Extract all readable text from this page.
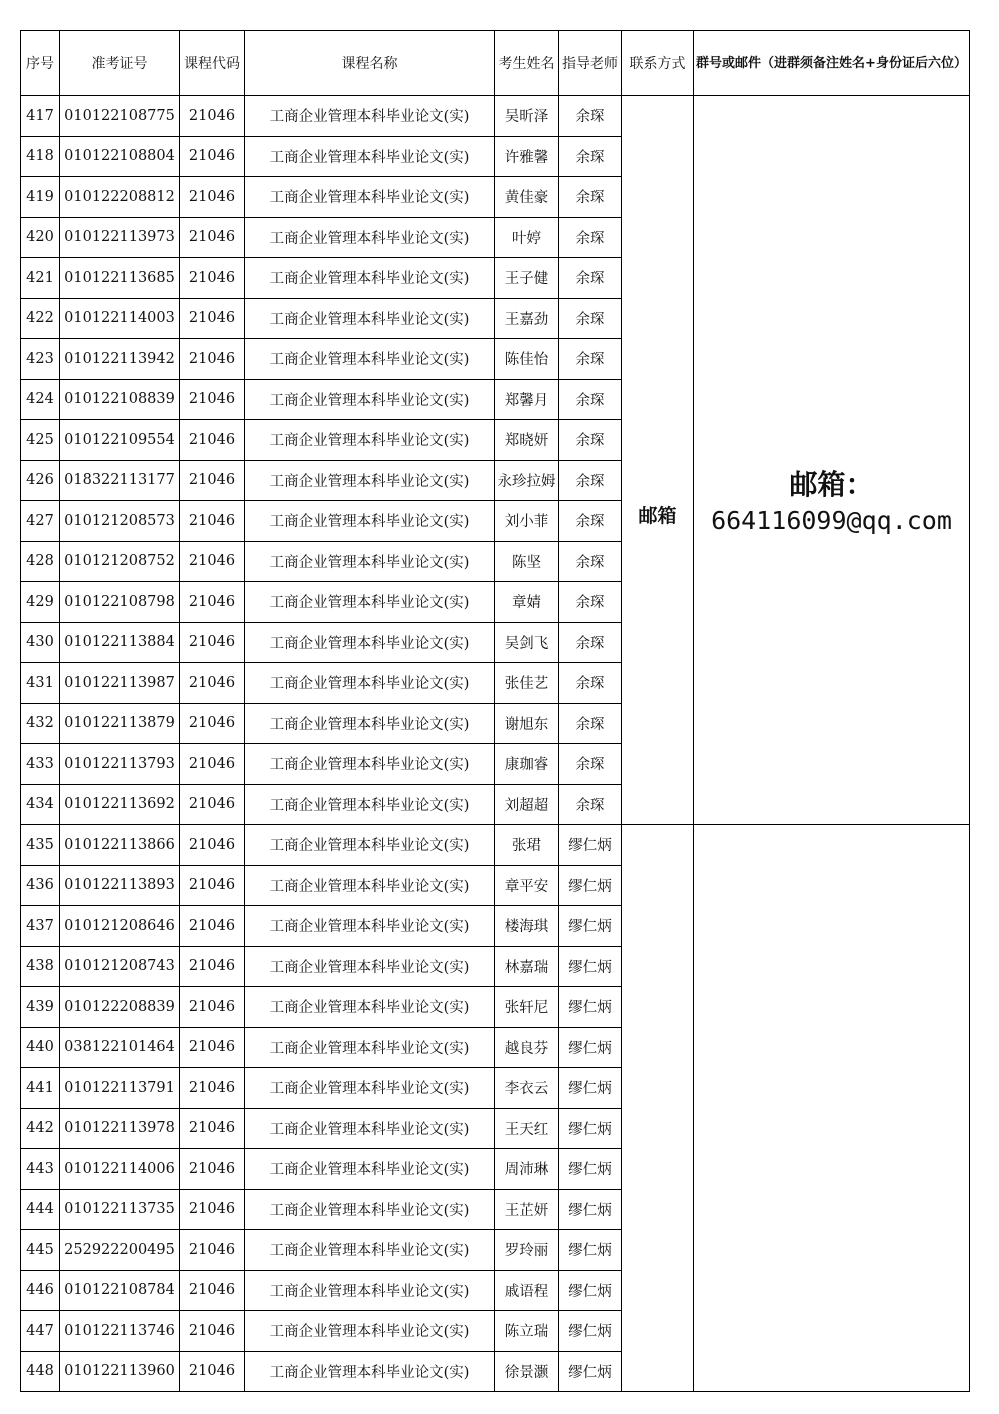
序号	准考证号	课程代码	课程名称	考生姓名	指导老师	联系方式	群号或邮件（进群须备注姓名+身份证后六位）
417	010122108775	21046	工商企业管理本科毕业论文(实)	吴昕泽	余琛	邮箱	邮箱：
664116099@qq.com

418	010122108804	21046	工商企业管理本科毕业论文(实)	许雅馨	余琛		
419	010122208812	21046	工商企业管理本科毕业论文(实)	黄佳豪	余琛		
420	010122113973	21046	工商企业管理本科毕业论文(实)	叶婷	余琛		
421	010122113685	21046	工商企业管理本科毕业论文(实)	王子健	余琛		
422	010122114003	21046	工商企业管理本科毕业论文(实)	王嘉劲	余琛		
423	010122113942	21046	工商企业管理本科毕业论文(实)	陈佳怡	余琛		
424	010122108839	21046	工商企业管理本科毕业论文(实)	郑馨月	余琛		
425	010122109554	21046	工商企业管理本科毕业论文(实)	郑晓妍	余琛		
426	018322113177	21046	工商企业管理本科毕业论文(实)	永珍拉姆	余琛		
427	010121208573	21046	工商企业管理本科毕业论文(实)	刘小菲	余琛		
428	010121208752	21046	工商企业管理本科毕业论文(实)	陈坚	余琛		
429	010122108798	21046	工商企业管理本科毕业论文(实)	章婧	余琛		
430	010122113884	21046	工商企业管理本科毕业论文(实)	吴剑飞	余琛		
431	010122113987	21046	工商企业管理本科毕业论文(实)	张佳艺	余琛		
432	010122113879	21046	工商企业管理本科毕业论文(实)	谢旭东	余琛		
433	010122113793	21046	工商企业管理本科毕业论文(实)	康珈睿	余琛		
434	010122113692	21046	工商企业管理本科毕业论文(实)	刘超超	余琛		
435	010122113866	21046	工商企业管理本科毕业论文(实)	张珺	缪仁炳		
436	010122113893	21046	工商企业管理本科毕业论文(实)	章平安	缪仁炳		
437	010121208646	21046	工商企业管理本科毕业论文(实)	楼海琪	缪仁炳		
438	010121208743	21046	工商企业管理本科毕业论文(实)	林嘉瑞	缪仁炳		
439	010122208839	21046	工商企业管理本科毕业论文(实)	张轩尼	缪仁炳		
440	038122101464	21046	工商企业管理本科毕业论文(实)	越良芬	缪仁炳		
441	010122113791	21046	工商企业管理本科毕业论文(实)	李衣云	缪仁炳		
442	010122113978	21046	工商企业管理本科毕业论文(实)	王天红	缪仁炳		
443	010122114006	21046	工商企业管理本科毕业论文(实)	周沛琳	缪仁炳		
444	010122113735	21046	工商企业管理本科毕业论文(实)	王芷妍	缪仁炳		
445	252922200495	21046	工商企业管理本科毕业论文(实)	罗玲丽	缪仁炳		
446	010122108784	21046	工商企业管理本科毕业论文(实)	戚语程	缪仁炳		
447	010122113746	21046	工商企业管理本科毕业论文(实)	陈立瑞	缪仁炳		
448	010122113960	21046	工商企业管理本科毕业论文(实)	徐景灏	缪仁炳		
